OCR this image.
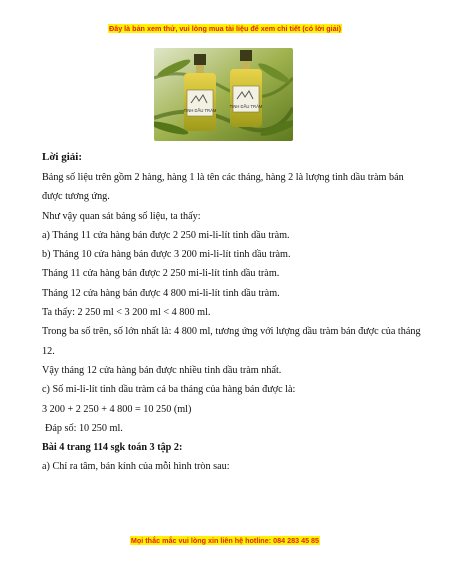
Đây là bản xem thử, vui lòng mua tài liệu để xem chi tiết (có lời giải)
TINH DẦU TRÀM
TINH DẦU TRÀM
Lời giải:
Bảng số liệu trên gồm 2 hàng, hàng 1 là tên các tháng, hàng 2 là lượng tinh dầu tràm bán được tương ứng.
Như vậy quan sát bảng số liệu, ta thấy:
a) Tháng 11 cửa hàng bán được 2 250 mi-li-lít tinh dầu tràm.
b) Tháng 10 cửa hàng bán được 3 200 mi-li-lít tinh dầu tràm.
Tháng 11 cửa hàng bán được 2 250 mi-li-lít tinh dầu tràm.
Tháng 12 cửa hàng bán được 4 800 mi-li-lít tinh dầu tràm.
Ta thấy: 2 250 ml < 3 200 ml < 4 800 ml.
Trong ba số trên, số lớn nhất là: 4 800 ml, tương ứng với lượng dầu tràm bán được của tháng 12.
Vậy tháng 12 cửa hàng bán được nhiều tinh dầu tràm nhất.
c) Số mi-li-lít tinh dầu tràm cả ba tháng của hàng bán được là:
3 200 + 2 250 + 4 800 = 10 250 (ml)
Đáp số: 10 250 ml.
Bài 4 trang 114 sgk toán 3 tập 2:
a) Chỉ ra tâm, bán kính của mỗi hình tròn sau:
Mọi thắc mắc vui lòng xin liên hệ hotline: 084 283 45 85
